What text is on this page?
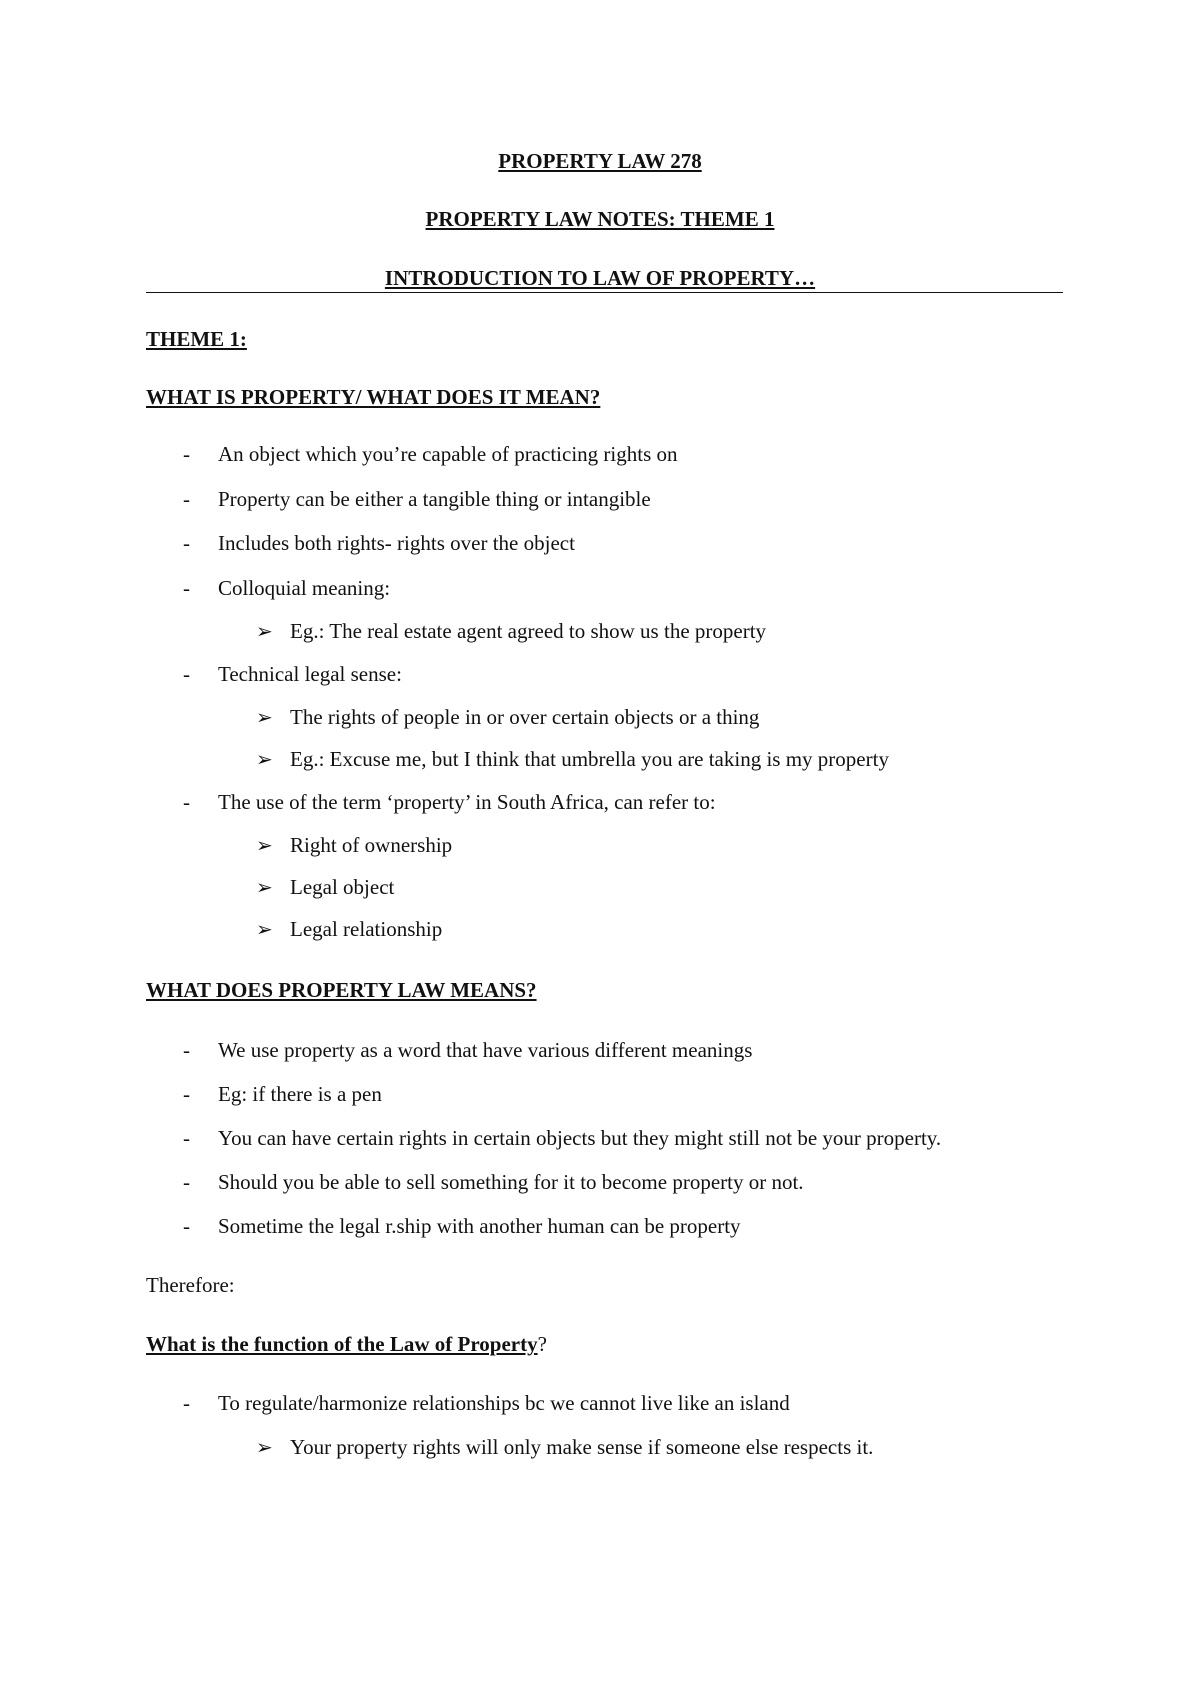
PROPERTY LAW 278
PROPERTY LAW NOTES: THEME 1
INTRODUCTION TO LAW OF PROPERTY…
THEME 1:
WHAT IS PROPERTY/ WHAT DOES IT MEAN?
- An object which you’re capable of practicing rights on
- Property can be either a tangible thing or intangible
- Includes both rights- rights over the object
- Colloquial meaning:
➢ Eg.: The real estate agent agreed to show us the property
- Technical legal sense:
➢ The rights of people in or over certain objects or a thing
➢ Eg.: Excuse me, but I think that umbrella you are taking is my property
- The use of the term ‘property’ in South Africa, can refer to:
➢ Right of ownership
➢ Legal object
➢ Legal relationship
WHAT DOES PROPERTY LAW MEANS?
- We use property as a word that have various different meanings
- Eg: if there is a pen
- You can have certain rights in certain objects but they might still not be your property.
- Should you be able to sell something for it to become property or not.
- Sometime the legal r.ship with another human can be property
Therefore:
What is the function of the Law of Property?
- To regulate/harmonize relationships bc we cannot live like an island
➢ Your property rights will only make sense if someone else respects it.
